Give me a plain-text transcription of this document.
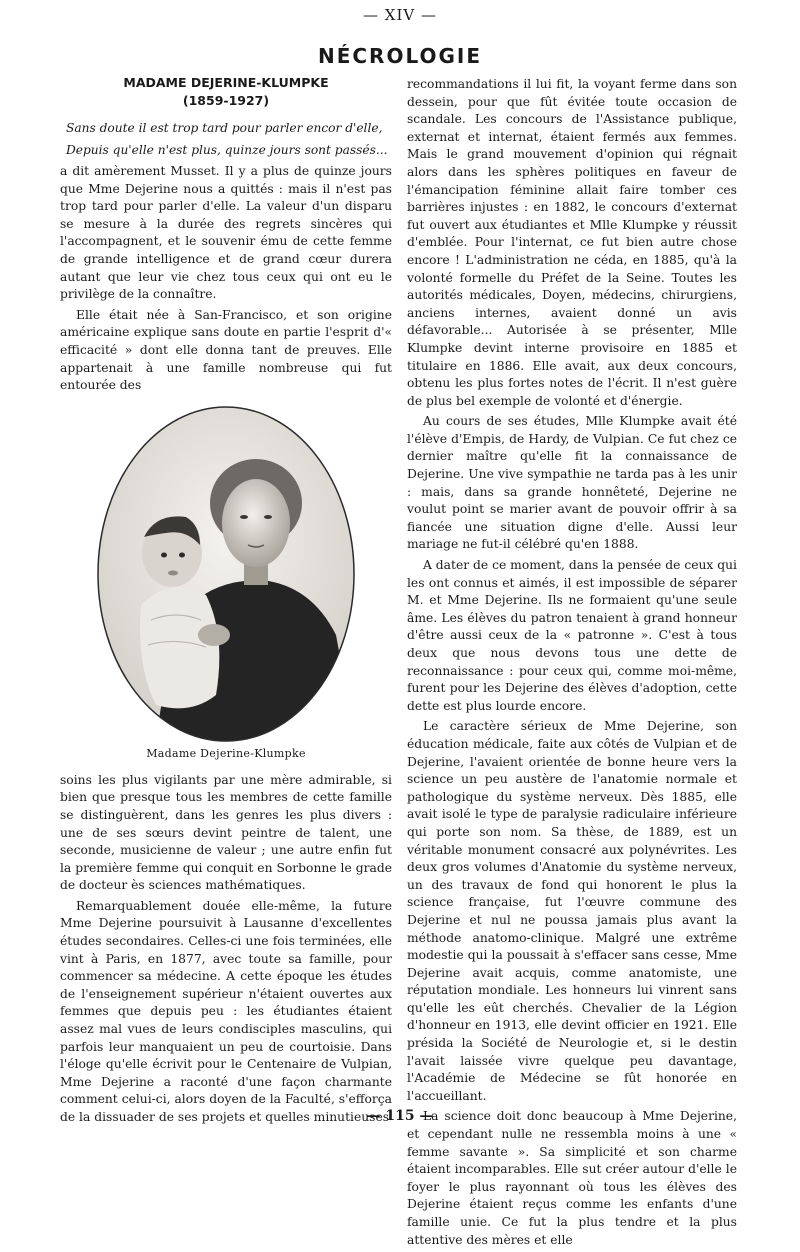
— XIV —
NÉCROLOGIE
MADAME DEJERINE-KLUMPKE
(1859-1927)
Sans doute il est trop tard pour parler encor d'elle,
Depuis qu'elle n'est plus, quinze jours sont passés...

a dit amèrement Musset. Il y a plus de quinze jours que Mme Dejerine nous a quittés : mais il n'est pas trop tard pour parler d'elle. La valeur d'un disparu se mesure à la durée des regrets sincères qui l'accompagnent, et le souvenir ému de cette femme de grande intelligence et de grand cœur durera autant que leur vie chez tous ceux qui ont eu le privilège de la connaître.

Elle était née à San-Francisco, et son origine américaine explique sans doute en partie l'esprit d'« efficacité » dont elle donna tant de preuves. Elle appartenait à une famille nombreuse qui fut entourée des

Madame Dejerine-Klumpke

soins les plus vigilants par une mère admirable, si bien que presque tous les membres de cette famille se distinguèrent, dans les genres les plus divers : une de ses sœurs devint peintre de talent, une seconde, musicienne de valeur ; une autre enfin fut la première femme qui conquit en Sorbonne le grade de docteur ès sciences mathématiques.

Remarquablement douée elle-même, la future Mme Dejerine poursuivit à Lausanne d'excellentes études secondaires. Celles-ci une fois terminées, elle vint à Paris, en 1877, avec toute sa famille, pour commencer sa médecine. A cette époque les études de l'enseignement supérieur n'étaient ouvertes aux femmes que depuis peu : les étudiantes étaient assez mal vues de leurs condisciples masculins, qui parfois leur manquaient un peu de courtoisie. Dans l'éloge qu'elle écrivit pour le Centenaire de Vulpian, Mme Dejerine a raconté d'une façon charmante comment celui-ci, alors doyen de la Faculté, s'efforça de la dissuader de ses projets et quelles minutieuses

recommandations il lui fit, la voyant ferme dans son dessein, pour que fût évitée toute occasion de scandale. Les concours de l'Assistance publique, externat et internat, étaient fermés aux femmes. Mais le grand mouvement d'opinion qui régnait alors dans les sphères politiques en faveur de l'émancipation féminine allait faire tomber ces barrières injustes : en 1882, le concours d'externat fut ouvert aux étudiantes et Mlle Klumpke y réussit d'emblée. Pour l'internat, ce fut bien autre chose encore ! L'administration ne céda, en 1885, qu'à la volonté formelle du Préfet de la Seine. Toutes les autorités médicales, Doyen, médecins, chirurgiens, anciens internes, avaient donné un avis défavorable... Autorisée à se présenter, Mlle Klumpke devint interne provisoire en 1885 et titulaire en 1886. Elle avait, aux deux concours, obtenu les plus fortes notes de l'écrit. Il n'est guère de plus bel exemple de volonté et d'énergie.

Au cours de ses études, Mlle Klumpke avait été l'élève d'Empis, de Hardy, de Vulpian. Ce fut chez ce dernier maître qu'elle fit la connaissance de Dejerine. Une vive sympathie ne tarda pas à les unir : mais, dans sa grande honnêteté, Dejerine ne voulut point se marier avant de pouvoir offrir à sa fiancée une situation digne d'elle. Aussi leur mariage ne fut-il célébré qu'en 1888.

A dater de ce moment, dans la pensée de ceux qui les ont connus et aimés, il est impossible de séparer M. et Mme Dejerine. Ils ne formaient qu'une seule âme. Les élèves du patron tenaient à grand honneur d'être aussi ceux de la « patronne ». C'est à tous deux que nous devons tous une dette de reconnaissance : pour ceux qui, comme moi-même, furent pour les Dejerine des élèves d'adoption, cette dette est plus lourde encore.

Le caractère sérieux de Mme Dejerine, son éducation médicale, faite aux côtés de Vulpian et de Dejerine, l'avaient orientée de bonne heure vers la science un peu austère de l'anatomie normale et pathologique du système nerveux. Dès 1885, elle avait isolé le type de paralysie radiculaire inférieure qui porte son nom. Sa thèse, de 1889, est un véritable monument consacré aux polynévrites. Les deux gros volumes d'Anatomie du système nerveux, un des travaux de fond qui honorent le plus la science française, fut l'œuvre commune des Dejerine et nul ne poussa jamais plus avant la méthode anatomo-clinique. Malgré une extrême modestie qui la poussait à s'effacer sans cesse, Mme Dejerine avait acquis, comme anatomiste, une réputation mondiale. Les honneurs lui vinrent sans qu'elle les eût cherchés. Chevalier de la Légion d'honneur en 1913, elle devint officier en 1921. Elle présida la Société de Neurologie et, si le destin l'avait laissée vivre quelque peu davantage, l'Académie de Médecine se fût honorée en l'accueillant.

La science doit donc beaucoup à Mme Dejerine, et cependant nulle ne ressembla moins à une « femme savante ». Sa simplicité et son charme étaient incomparables. Elle sut créer autour d'elle le foyer le plus rayonnant où tous les élèves des Dejerine étaient reçus comme les enfants d'une famille unie. Ce fut la plus tendre et la plus attentive des mères et elle

— 115 —
